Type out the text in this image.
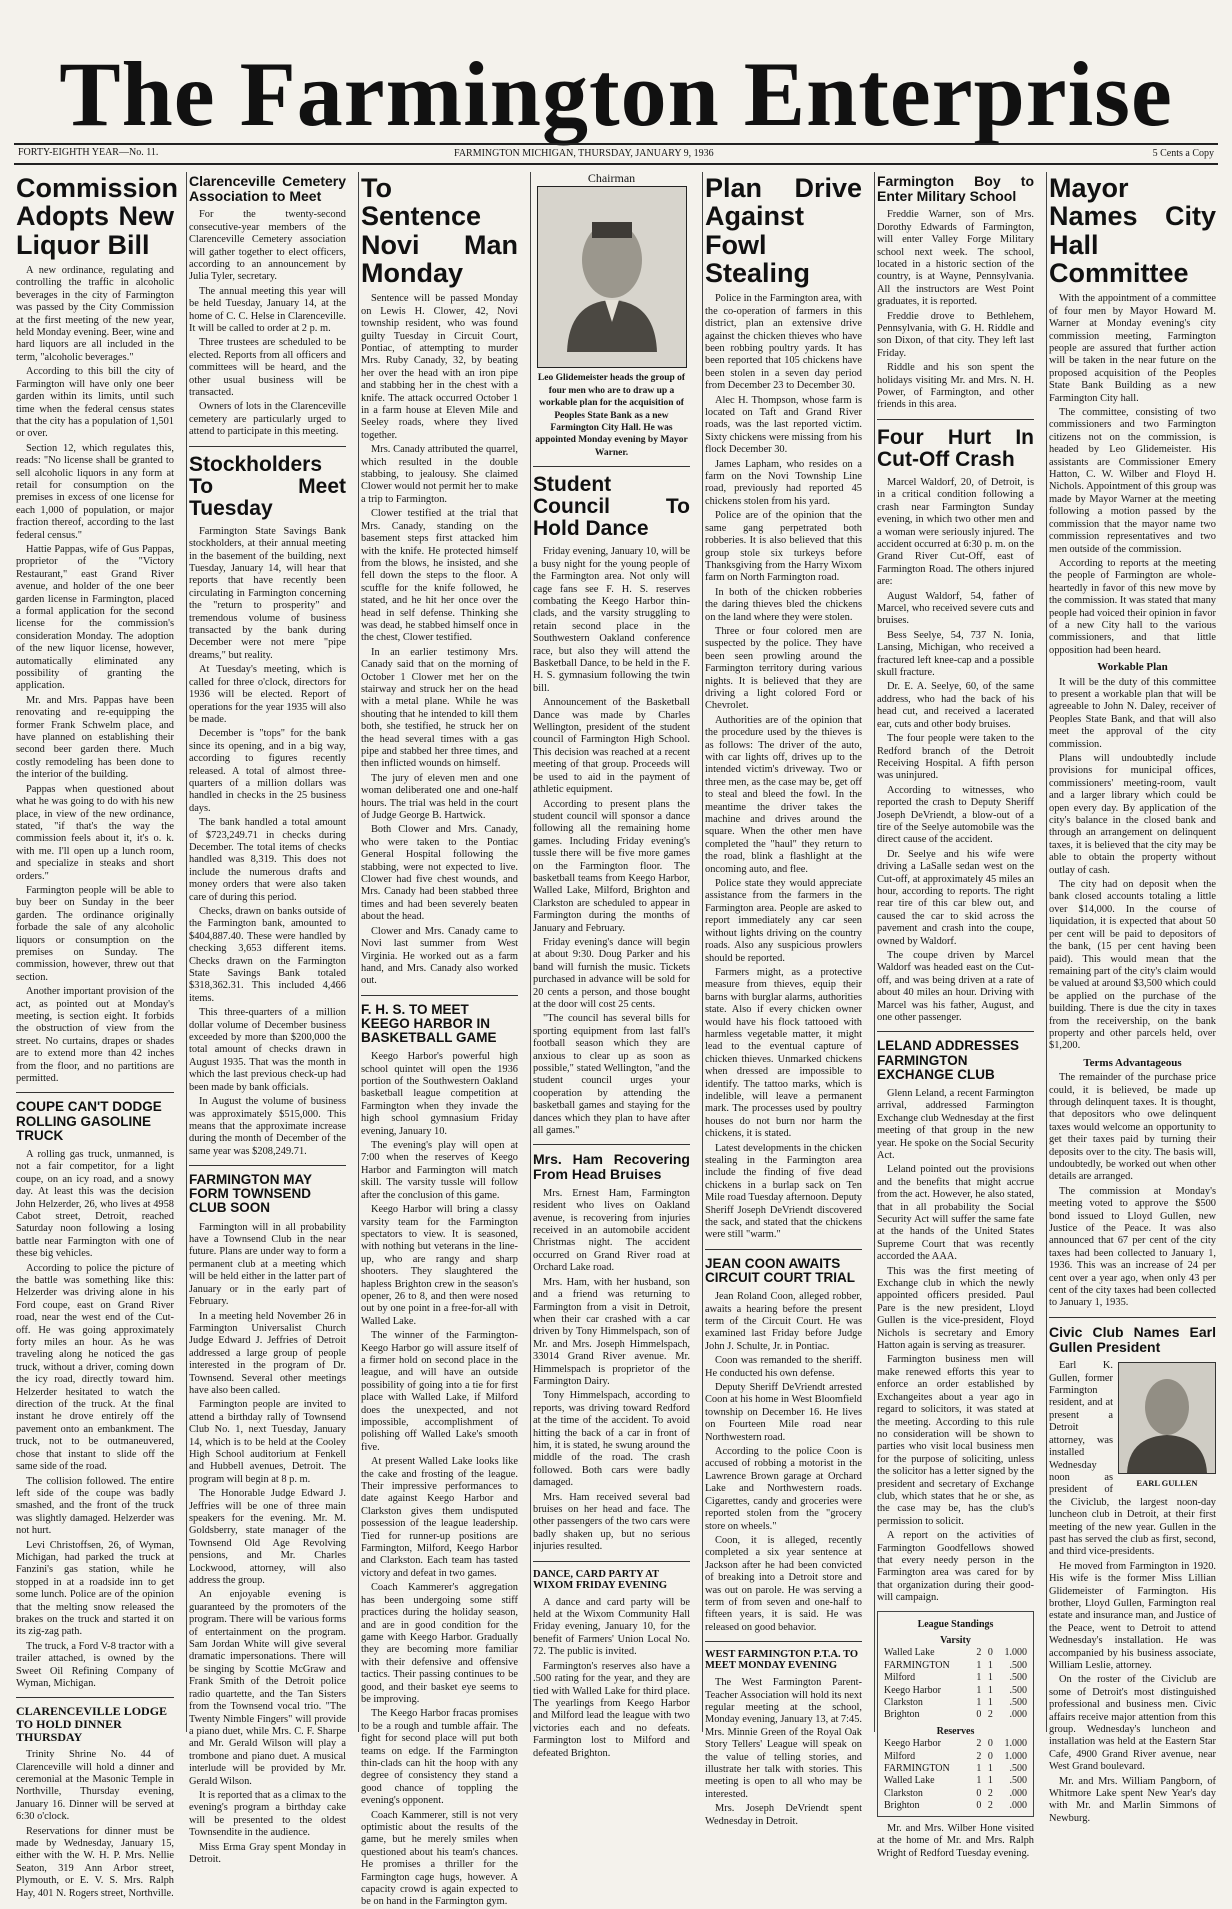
The Farmington Enterprise
FORTY-EIGHTH YEAR—No. 11.	FARMINGTON MICHIGAN, THURSDAY, JANUARY 9, 1936	5 Cents a Copy
Commission Adopts New Liquor Bill
A new ordinance, regulating and controlling the traffic in alcoholic beverages in the city of Farmington was passed by the City Commission at the first meeting of the new year, held Monday evening. Beer, wine and hard liquors are all included in the term, "alcoholic beverages."
According to this bill the city of Farmington will have only one beer garden within its limits, until such time when the federal census states that the city has a population of 1,501 or over.
Section 12, which regulates this, reads: "No license shall be granted to sell alcoholic liquors in any form at retail for consumption on the premises in excess of one license for each 1,000 of population, or major fraction thereof, according to the last federal census."
Hattie Pappas, wife of Gus Pappas, proprietor of the "Victory Restaurant," east Grand River avenue, and holder of the one beer garden license in Farmington, placed a formal application for the second license for the commission's consideration Monday. The adoption of the new liquor license, however, automatically eliminated any possibility of granting the application.
Mr. and Mrs. Pappas have been renovating and re-equipping the former Frank Schwelm place, and have planned on establishing their second beer garden there. Much costly remodeling has been done to the interior of the building.
Pappas when questioned about what he was going to do with his new place, in view of the new ordinance, stated, "if that's the way the commission feels about it, it's o. k. with me. I'll open up a lunch room, and specialize in steaks and short orders."
Farmington people will be able to buy beer on Sunday in the beer garden. The ordinance originally forbade the sale of any alcoholic liquors or consumption on the premises on Sunday. The commission, however, threw out that section.
Another important provision of the act, as pointed out at Monday's meeting, is section eight. It forbids the obstruction of view from the street. No curtains, drapes or shades are to extend more than 42 inches from the floor, and no partitions are permitted.
COUPE CAN'T DODGE ROLLING GASOLINE TRUCK
A rolling gas truck, unmanned, is not a fair competitor, for a light coupe, on an icy road, and a snowy day. At least this was the decision John Helzerder, 26, who lives at 4958 Cabot street, Detroit, reached Saturday noon following a losing battle near Farmington with one of these big vehicles.
According to police the picture of the battle was something like this: Helzerder was driving alone in his Ford coupe, east on Grand River road, near the west end of the Cut-off. He was going approximately forty miles an hour. As he was traveling along he noticed the gas truck, without a driver, coming down the icy road, directly toward him. Helzerder hesitated to watch the direction of the truck. At the final instant he drove entirely off the pavement onto an embankment. The truck, not to be outmaneuvered, chose that instant to slide off the same side of the road.
The collision followed. The entire left side of the coupe was badly smashed, and the front of the truck was slightly damaged. Helzerder was not hurt.
Levi Christoffsen, 26, of Wyman, Michigan, had parked the truck at Fanzini's gas station, while he stopped in at a roadside inn to get some lunch. Police are of the opinion that the melting snow released the brakes on the truck and started it on its zig-zag path.
The truck, a Ford V-8 tractor with a trailer attached, is owned by the Sweet Oil Refining Company of Wyman, Michigan.
CLARENCEVILLE LODGE TO HOLD DINNER THURSDAY
Trinity Shrine No. 44 of Clarenceville will hold a dinner and ceremonial at the Masonic Temple in Northville, Thursday evening, January 16. Dinner will be served at 6:30 o'clock.
Reservations for dinner must be made by Wednesday, January 15, either with the W. H. P. Mrs. Nellie Seaton, 319 Ann Arbor street, Plymouth, or E. V. S. Mrs. Ralph Hay, 401 N. Rogers street, Northville.
Clarenceville Cemetery Association to Meet
For the twenty-second consecutive-year members of the Clarenceville Cemetery association will gather together to elect officers, according to an announcement by Julia Tyler, secretary.
The annual meeting this year will be held Tuesday, January 14, at the home of C. C. Helse in Clarenceville. It will be called to order at 2 p. m.
Three trustees are scheduled to be elected. Reports from all officers and committees will be heard, and the other usual business will be transacted.
Owners of lots in the Clarenceville cemetery are particularly urged to attend to participate in this meeting.
Stockholders To Meet Tuesday
Farmington State Savings Bank stockholders, at their annual meeting in the basement of the building, next Tuesday, January 14, will hear that reports that have recently been circulating in Farmington concerning the "return to prosperity" and tremendous volume of business transacted by the bank during December were not mere "pipe dreams," but reality.
At Tuesday's meeting, which is called for three o'clock, directors for 1936 will be elected. Report of operations for the year 1935 will also be made.
December is "tops" for the bank since its opening, and in a big way, according to figures recently released. A total of almost three-quarters of a million dollars was handled in checks in the 25 business days.
The bank handled a total amount of $723,249.71 in checks during December. The total items of checks handled was 8,319. This does not include the numerous drafts and money orders that were also taken care of during this period.
Checks, drawn on banks outside of the Farmington bank, amounted to $404,887.40. These were handled by checking 3,653 different items. Checks drawn on the Farmington State Savings Bank totaled $318,362.31. This included 4,466 items.
This three-quarters of a million dollar volume of December business exceeded by more than $200,000 the total amount of checks drawn in August 1935. That was the month in which the last previous check-up had been made by bank officials.
In August the volume of business was approximately $515,000. This means that the approximate increase during the month of December of the same year was $208,249.71.
FARMINGTON MAY FORM TOWNSEND CLUB SOON
Farmington will in all probability have a Townsend Club in the near future. Plans are under way to form a permanent club at a meeting which will be held either in the latter part of January or in the early part of February.
In a meeting held November 26 in Farmington Universalist Church Judge Edward J. Jeffries of Detroit addressed a large group of people interested in the program of Dr. Townsend. Several other meetings have also been called.
Farmington people are invited to attend a birthday rally of Townsend Club No. 1, next Tuesday, January 14, which is to be held at the Cooley High School auditorium at Fenkell and Hubbell avenues, Detroit. The program will begin at 8 p. m.
The Honorable Judge Edward J. Jeffries will be one of three main speakers for the evening. Mr. M. Goldsberry, state manager of the Townsend Old Age Revolving pensions, and Mr. Charles Lockwood, attorney, will also address the group.
An enjoyable evening is guaranteed by the promoters of the program. There will be various forms of entertainment on the program. Sam Jordan White will give several dramatic impersonations. There will be singing by Scottie McGraw and Frank Smith of the Detroit police radio quartette, and the Tan Sisters from the Townsend vocal trio. "The Twenty Nimble Fingers" will provide a piano duet, while Mrs. C. F. Sharpe and Mr. Gerald Wilson will play a trombone and piano duet. A musical interlude will be provided by Mr. Gerald Wilson.
It is reported that as a climax to the evening's program a birthday cake will be presented to the oldest Townsendite in the audience.
Miss Erma Gray spent Monday in Detroit.
To Sentence Novi Man Monday
Sentence will be passed Monday on Lewis H. Clower, 42, Novi township resident, who was found guilty Tuesday in Circuit Court, Pontiac, of attempting to murder Mrs. Ruby Canady, 32, by beating her over the head with an iron pipe and stabbing her in the chest with a knife. The attack occurred October 1 in a farm house at Eleven Mile and Seeley roads, where they lived together.
Mrs. Canady attributed the quarrel, which resulted in the double stabbing, to jealousy. She claimed Clower would not permit her to make a trip to Farmington.
Clower testified at the trial that Mrs. Canady, standing on the basement steps first attacked him with the knife. He protected himself from the blows, he insisted, and she fell down the steps to the floor. A scuffle for the knife followed, he stated, and he hit her once over the head in self defense. Thinking she was dead, he stabbed himself once in the chest, Clower testified.
In an earlier testimony Mrs. Canady said that on the morning of October 1 Clower met her on the stairway and struck her on the head with a metal plane. While he was shouting that he intended to kill them both, she testified, he struck her on the head several times with a gas pipe and stabbed her three times, and then inflicted wounds on himself.
The jury of eleven men and one woman deliberated one and one-half hours. The trial was held in the court of Judge George B. Hartwick.
Both Clower and Mrs. Canady, who were taken to the Pontiac General Hospital following the stabbing, were not expected to live. Clower had five chest wounds, and Mrs. Canady had been stabbed three times and had been severely beaten about the head.
Clower and Mrs. Canady came to Novi last summer from West Virginia. He worked out as a farm hand, and Mrs. Canady also worked out.
F. H. S. TO MEET KEEGO HARBOR IN BASKETBALL GAME
Keego Harbor's powerful high school quintet will open the 1936 portion of the Southwestern Oakland basketball league competition at Farmington when they invade the high school gymnasium Friday evening, January 10.
The evening's play will open at 7:00 when the reserves of Keego Harbor and Farmington will match skill. The varsity tussle will follow after the conclusion of this game.
Keego Harbor will bring a classy varsity team for the Farmington spectators to view. It is seasoned, with nothing but veterans in the line-up, who are rangy and sharp shooters. They slaughtered the hapless Brighton crew in the season's opener, 26 to 8, and then were nosed out by one point in a free-for-all with Walled Lake.
The winner of the Farmington-Keego Harbor go will assure itself of a firmer hold on second place in the league, and will have an outside possibility of going into a tie for first place with Walled Lake, if Milford does the unexpected, and not impossible, accomplishment of polishing off Walled Lake's smooth five.
At present Walled Lake looks like the cake and frosting of the league. Their impressive performances to date against Keego Harbor and Clarkston gives them undisputed possession of the league leadership. Tied for runner-up positions are Farmington, Milford, Keego Harbor and Clarkston. Each team has tasted victory and defeat in two games.
Coach Kammerer's aggregation has been undergoing some stiff practices during the holiday season, and are in good condition for the game with Keego Harbor. Gradually they are becoming more familiar with their defensive and offensive tactics. Their passing continues to be good, and their basket eye seems to be improving.
The Keego Harbor fracas promises to be a rough and tumble affair. The fight for second place will put both teams on edge. If the Farmington thin-clads can hit the hoop with any degree of consistency they stand a good chance of toppling the evening's opponent.
Coach Kammerer, still is not very optimistic about the results of the game, but he merely smiles when questioned about his team's chances. He promises a thriller for the Farmington cage hugs, however. A capacity crowd is again expected to be on hand in the Farmington gym.
Chairman
Leo Glidemeister heads the group of four men who are to draw up a workable plan for the acquisition of Peoples State Bank as a new Farmington City Hall. He was appointed Monday evening by Mayor Warner.
Student Council To Hold Dance
Friday evening, January 10, will be a busy night for the young people of the Farmington area. Not only will cage fans see F. H. S. reserves combating the Keego Harbor thin-clads, and the varsity struggling to retain second place in the Southwestern Oakland conference race, but also they will attend the Basketball Dance, to be held in the F. H. S. gymnasium following the twin bill.
Announcement of the Basketball Dance was made by Charles Wellington, president of the student council of Farmington High School. This decision was reached at a recent meeting of that group. Proceeds will be used to aid in the payment of athletic equipment.
According to present plans the student council will sponsor a dance following all the remaining home games. Including Friday evening's tussle there will be five more games on the Farmington floor. The basketball teams from Keego Harbor, Walled Lake, Milford, Brighton and Clarkston are scheduled to appear in Farmington during the months of January and February.
Friday evening's dance will begin at about 9:30. Doug Parker and his band will furnish the music. Tickets purchased in advance will be sold for 20 cents a person, and those bought at the door will cost 25 cents.
"The council has several bills for sporting equipment from last fall's football season which they are anxious to clear up as soon as possible," stated Wellington, "and the student council urges your cooperation by attending the basketball games and staying for the dances which they plan to have after all games."
Mrs. Ham Recovering From Head Bruises
Mrs. Ernest Ham, Farmington resident who lives on Oakland avenue, is recovering from injuries received in an automobile accident Christmas night. The accident occurred on Grand River road at Orchard Lake road.
Mrs. Ham, with her husband, son and a friend was returning to Farmington from a visit in Detroit, when their car crashed with a car driven by Tony Himmelspach, son of Mr. and Mrs. Joseph Himmelspach, 33014 Grand River avenue. Mr. Himmelspach is proprietor of the Farmington Dairy.
Tony Himmelspach, according to reports, was driving toward Redford at the time of the accident. To avoid hitting the back of a car in front of him, it is stated, he swung around the middle of the road. The crash followed. Both cars were badly damaged.
Mrs. Ham received several bad bruises on her head and face. The other passengers of the two cars were badly shaken up, but no serious injuries resulted.
DANCE, CARD PARTY AT WIXOM FRIDAY EVENING
A dance and card party will be held at the Wixom Community Hall Friday evening, January 10, for the benefit of Farmers' Union Local No. 72. The public is invited.
Farmington's reserves also have a .500 rating for the year, and they are tied with Walled Lake for third place. The yearlings from Keego Harbor and Milford lead the league with two victories each and no defeats. Farmington lost to Milford and defeated Brighton.
Plan Drive Against Fowl Stealing
Police in the Farmington area, with the co-operation of farmers in this district, plan an extensive drive against the chicken thieves who have been robbing poultry yards. It has been reported that 105 chickens have been stolen in a seven day period from December 23 to December 30.
Alec H. Thompson, whose farm is located on Taft and Grand River roads, was the last reported victim. Sixty chickens were missing from his flock December 30.
James Lapham, who resides on a farm on the Novi Township Line road, previously had reported 45 chickens stolen from his yard.
Police are of the opinion that the same gang perpetrated both robberies. It is also believed that this group stole six turkeys before Thanksgiving from the Harry Wixom farm on North Farmington road.
In both of the chicken robberies the daring thieves bled the chickens on the land where they were stolen.
Three or four colored men are suspected by the police. They have been seen prowling around the Farmington territory during various nights. It is believed that they are driving a light colored Ford or Chevrolet.
Authorities are of the opinion that the procedure used by the thieves is as follows: The driver of the auto, with car lights off, drives up to the intended victim's driveway. Two or three men, as the case may be, get off to steal and bleed the fowl. In the meantime the driver takes the machine and drives around the square. When the other men have completed the "haul" they return to the road, blink a flashlight at the oncoming auto, and flee.
Police state they would appreciate assistance from the farmers in the Farmington area. People are asked to report immediately any car seen without lights driving on the country roads. Also any suspicious prowlers should be reported.
Farmers might, as a protective measure from thieves, equip their barns with burglar alarms, authorities state. Also if every chicken owner would have his flock tattooed with harmless vegetable matter, it might lead to the eventual capture of chicken thieves. Unmarked chickens when dressed are impossible to identify. The tattoo marks, which is indelible, will leave a permanent mark. The processes used by poultry houses do not burn nor harm the chickens, it is stated.
Latest developments in the chicken stealing in the Farmington area include the finding of five dead chickens in a burlap sack on Ten Mile road Tuesday afternoon. Deputy Sheriff Joseph DeVriendt discovered the sack, and stated that the chickens were still "warm."
JEAN COON AWAITS CIRCUIT COURT TRIAL
Jean Roland Coon, alleged robber, awaits a hearing before the present term of the Circuit Court. He was examined last Friday before Judge John J. Schulte, Jr. in Pontiac.
Coon was remanded to the sheriff. He conducted his own defense.
Deputy Sheriff DeVriendt arrested Coon at his home in West Bloomfield township on December 16. He lives on Fourteen Mile road near Northwestern road.
According to the police Coon is accused of robbing a motorist in the Lawrence Brown garage at Orchard Lake and Northwestern roads. Cigarettes, candy and groceries were reported stolen from the "grocery store on wheels."
Coon, it is alleged, recently completed a six year sentence at Jackson after he had been convicted of breaking into a Detroit store and was out on parole. He was serving a term of from seven and one-half to fifteen years, it is said. He was released on good behavior.
WEST FARMINGTON P.T.A. TO MEET MONDAY EVENING
The West Farmington Parent-Teacher Association will hold its next regular meeting at the school, Monday evening, January 13, at 7:45. Mrs. Minnie Green of the Royal Oak Story Tellers' League will speak on the value of telling stories, and illustrate her talk with stories. This meeting is open to all who may be interested.
Mrs. Joseph DeVriendt spent Wednesday in Detroit.
Farmington Boy to Enter Military School
Freddie Warner, son of Mrs. Dorothy Edwards of Farmington, will enter Valley Forge Military school next week. The school, located in a historic section of the country, is at Wayne, Pennsylvania. All the instructors are West Point graduates, it is reported.
Freddie drove to Bethlehem, Pennsylvania, with G. H. Riddle and son Dixon, of that city. They left last Friday.
Riddle and his son spent the holidays visiting Mr. and Mrs. N. H. Power, of Farmington, and other friends in this area.
Four Hurt In Cut-Off Crash
Marcel Waldorf, 20, of Detroit, is in a critical condition following a crash near Farmington Sunday evening, in which two other men and a woman were seriously injured. The accident occurred at 6:30 p. m. on the Grand River Cut-Off, east of Farmington Road. The others injured are:
August Waldorf, 54, father of Marcel, who received severe cuts and bruises.
Bess Seelye, 54, 737 N. Ionia, Lansing, Michigan, who received a fractured left knee-cap and a possible skull fracture.
Dr. E. A. Seelye, 60, of the same address, who had the back of his head cut, and received a lacerated ear, cuts and other body bruises.
The four people were taken to the Redford branch of the Detroit Receiving Hospital. A fifth person was uninjured.
According to witnesses, who reported the crash to Deputy Sheriff Joseph DeVriendt, a blow-out of a tire of the Seelye automobile was the direct cause of the accident.
Dr. Seelye and his wife were driving a LaSalle sedan west on the Cut-off, at approximately 45 miles an hour, according to reports. The right rear tire of this car blew out, and caused the car to skid across the pavement and crash into the coupe, owned by Waldorf.
The coupe driven by Marcel Waldorf was headed east on the Cut-off, and was being driven at a rate of about 40 miles an hour. Driving with Marcel was his father, August, and one other passenger.
LELAND ADDRESSES FARMINGTON EXCHANGE CLUB
Glenn Leland, a recent Farmington arrival, addressed Farmington Exchange club Wednesday at the first meeting of that group in the new year. He spoke on the Social Security Act.
Leland pointed out the provisions and the benefits that might accrue from the act. However, he also stated, that in all probability the Social Security Act will suffer the same fate at the hands of the United States Supreme Court that was recently accorded the AAA.
This was the first meeting of Exchange club in which the newly appointed officers presided. Paul Pare is the new president, Lloyd Gullen is the vice-president, Floyd Nichols is secretary and Emory Hatton again is serving as treasurer.
Farmington business men will make renewed efforts this year to enforce an order established by Exchangeites about a year ago in regard to solicitors, it was stated at the meeting. According to this rule no consideration will be shown to parties who visit local business men for the purpose of soliciting, unless the solicitor has a letter signed by the president and secretary of Exchange club, which states that he or she, as the case may be, has the club's permission to solicit.
A report on the activities of Farmington Goodfellows showed that every needy person in the Farmington area was cared for by that organization during their good-will campaign.
League Standings
Varsity
Walled Lake	2	0	1.000
FARMINGTON	1	1	.500
Milford	1	1	.500
Keego Harbor	1	1	.500
Clarkston	1	1	.500
Brighton	0	2	.000
Reserves
Keego Harbor	2	0	1.000
Milford	2	0	1.000
FARMINGTON	1	1	.500
Walled Lake	1	1	.500
Clarkston	0	2	.000
Brighton	0	2	.000
Mr. and Mrs. Wilber Hone visited at the home of Mr. and Mrs. Ralph Wright of Redford Tuesday evening.
Mayor Names City Hall Committee
With the appointment of a committee of four men by Mayor Howard M. Warner at Monday evening's city commission meeting, Farmington people are assured that further action will be taken in the near future on the proposed acquisition of the Peoples State Bank Building as a new Farmington City hall.
The committee, consisting of two commissioners and two Farmington citizens not on the commission, is headed by Leo Glidemeister. His assistants are Commissioner Emery Hatton, C. W. Wilber and Floyd H. Nichols. Appointment of this group was made by Mayor Warner at the meeting following a motion passed by the commission that the mayor name two commission representatives and two men outside of the commission.
According to reports at the meeting the people of Farmington are whole-heartedly in favor of this new move by the commission. It was stated that many people had voiced their opinion in favor of a new City hall to the various commissioners, and that little opposition had been heard.
Workable Plan
It will be the duty of this committee to present a workable plan that will be agreeable to John N. Daley, receiver of Peoples State Bank, and that will also meet the approval of the city commission.
Plans will undoubtedly include provisions for municipal offices, commissioners' meeting-room, vault and a larger library which could be open every day. By application of the city's balance in the closed bank and through an arrangement on delinquent taxes, it is believed that the city may be able to obtain the property without outlay of cash.
The city had on deposit when the bank closed accounts totaling a little over $14,000. In the course of liquidation, it is expected that about 50 per cent will be paid to depositors of the bank, (15 per cent having been paid). This would mean that the remaining part of the city's claim would be valued at around $3,500 which could be applied on the purchase of the building. There is due the city in taxes from the receivership, on the bank property and other parcels held, over $1,200.
Terms Advantageous
The remainder of the purchase price could, it is believed, be made up through delinquent taxes. It is thought, that depositors who owe delinquent taxes would welcome an opportunity to get their taxes paid by turning their deposits over to the city. The basis will, undoubtedly, be worked out when other details are arranged.
The commission at Monday's meeting voted to approve the $500 bond issued to Lloyd Gullen, new Justice of the Peace. It was also announced that 67 per cent of the city taxes had been collected to January 1, 1936. This was an increase of 24 per cent over a year ago, when only 43 per cent of the city taxes had been collected to January 1, 1935.
Civic Club Names Earl Gullen President
EARL GULLEN
Earl K. Gullen, former Farmington resident, and at present a Detroit attorney, was installed Wednesday noon as president of the Civiclub, the largest noon-day luncheon club in Detroit, at their first meeting of the new year. Gullen in the past has served the club as first, second, and third vice-presidents.
He moved from Farmington in 1920. His wife is the former Miss Lillian Glidemeister of Farmington. His brother, Lloyd Gullen, Farmington real estate and insurance man, and Justice of the Peace, went to Detroit to attend Wednesday's installation. He was accompanied by his business associate, William Leslie, attorney.
On the roster of the Civiclub are some of Detroit's most distinguished professional and business men. Civic affairs receive major attention from this group. Wednesday's luncheon and installation was held at the Eastern Star Cafe, 4900 Grand River avenue, near West Grand boulevard.
Mr. and Mrs. William Pangborn, of Whitmore Lake spent New Year's day with Mr. and Marlin Simmons of Newburg.
